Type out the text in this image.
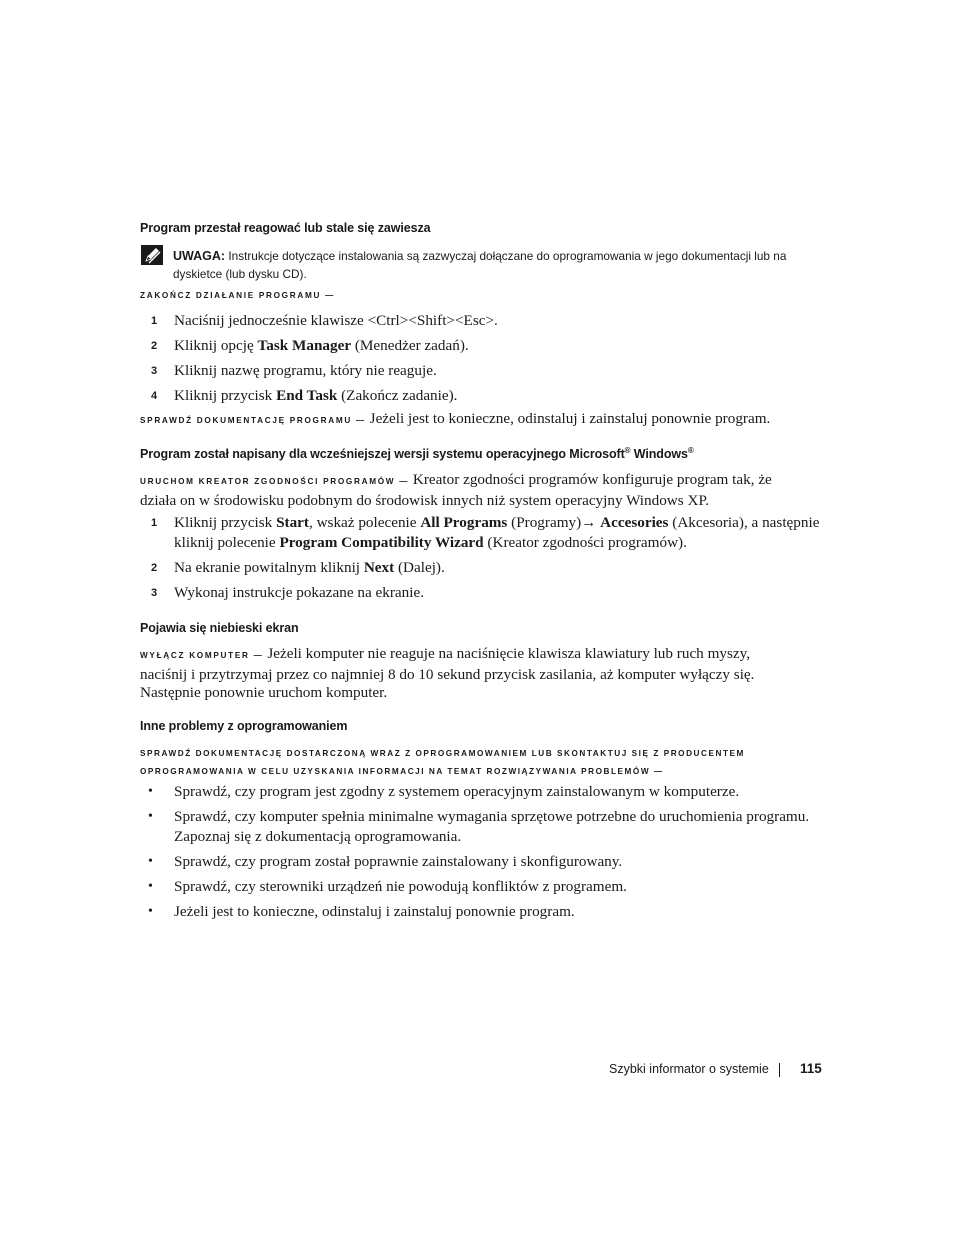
Program przestał reagować lub stale się zawiesza
UWAGA: Instrukcje dotyczące instalowania są zazwyczaj dołączane do oprogramowania w jego dokumentacji lub na dyskietce (lub dysku CD).
ZAKOŃCZ DZIAŁANIE PROGRAMU —
1 Naciśnij jednocześnie klawisze <Ctrl><Shift><Esc>.
2 Kliknij opcję Task Manager (Menedżer zadań).
3 Kliknij nazwę programu, który nie reaguje.
4 Kliknij przycisk End Task (Zakończ zadanie).
SPRAWDŹ DOKUMENTACJĘ PROGRAMU — Jeżeli jest to konieczne, odinstaluj i zainstaluj ponownie program.
Program został napisany dla wcześniejszej wersji systemu operacyjnego Microsoft® Windows®
URUCHOM KREATOR ZGODNOŚCI PROGRAMÓW — Kreator zgodności programów konfiguruje program tak, że
działa on w środowisku podobnym do środowisk innych niż system operacyjny Windows XP.
1 Kliknij przycisk Start, wskaż polecenie All Programs (Programy)→ Accesories (Akcesoria), a następnie kliknij polecenie Program Compatibility Wizard (Kreator zgodności programów).
2 Na ekranie powitalnym kliknij Next (Dalej).
3 Wykonaj instrukcje pokazane na ekranie.
Pojawia się niebieski ekran
WYŁĄCZ KOMPUTER — Jeżeli komputer nie reaguje na naciśnięcie klawisza klawiatury lub ruch myszy,
naciśnij i przytrzymaj przez co najmniej 8 do 10 sekund przycisk zasilania, aż komputer wyłączy się.
Następnie ponownie uruchom komputer.
Inne problemy z oprogramowaniem
SPRAWDŹ DOKUMENTACJĘ DOSTARCZONĄ WRAZ Z OPROGRAMOWANIEM LUB SKONTAKTUJ SIĘ Z PRODUCENTEM
OPROGRAMOWANIA W CELU UZYSKANIA INFORMACJI NA TEMAT ROZWIĄZYWANIA PROBLEMÓW —
• Sprawdź, czy program jest zgodny z systemem operacyjnym zainstalowanym w komputerze.
• Sprawdź, czy komputer spełnia minimalne wymagania sprzętowe potrzebne do uruchomienia programu. Zapoznaj się z dokumentacją oprogramowania.
• Sprawdź, czy program został poprawnie zainstalowany i skonfigurowany.
• Sprawdź, czy sterowniki urządzeń nie powodują konfliktów z programem.
• Jeżeli jest to konieczne, odinstaluj i zainstaluj ponownie program.
Szybki informator o systemie 115
